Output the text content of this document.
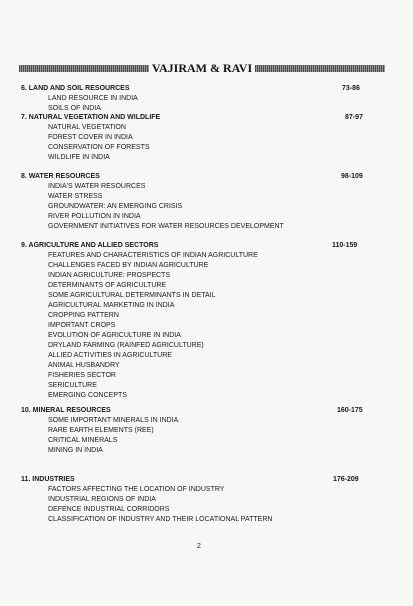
VAJIRAM & RAVI
6. LAND AND SOIL RESOURCES	73-86
LAND RESOURCE IN INDIA
SOILS OF INDIA
7. NATURAL VEGETATION AND WILDLIFE	87-97
NATURAL VEGETATION
FOREST COVER IN INDIA
CONSERVATION OF FORESTS
WILDLIFE IN INDIA
8. WATER RESOURCES	98-109
INDIA'S WATER RESOURCES
WATER STRESS
GROUNDWATER: AN EMERGING CRISIS
RIVER POLLUTION IN INDIA
GOVERNMENT INITIATIVES FOR WATER RESOURCES DEVELOPMENT
9. AGRICULTURE AND ALLIED SECTORS	110-159
FEATURES AND CHARACTERISTICS OF INDIAN AGRICULTURE
CHALLENGES FACED BY INDIAN AGRICULTURE
INDIAN AGRICULTURE: PROSPECTS
DETERMINANTS OF AGRICULTURE
SOME AGRICULTURAL DETERMINANTS IN DETAIL
AGRICULTURAL MARKETING IN INDIA
CROPPING PATTERN
IMPORTANT CROPS
EVOLUTION OF AGRICULTURE IN INDIA
DRYLAND FARMING (RAINFED AGRICULTURE)
ALLIED ACTIVITIES IN AGRICULTURE
ANIMAL HUSBANDRY
FISHERIES SECTOR
SERICULTURE
EMERGING CONCEPTS
10. MINERAL RESOURCES	160-175
SOME IMPORTANT MINERALS IN INDIA
RARE EARTH ELEMENTS (REE)
CRITICAL MINERALS
MINING IN INDIA
11. INDUSTRIES	176-209
FACTORS AFFECTING THE LOCATION OF INDUSTRY
INDUSTRIAL REGIONS OF INDIA
DEFENCE INDUSTRIAL CORRIDORS
CLASSIFICATION OF INDUSTRY AND THEIR LOCATIONAL PATTERN
2
